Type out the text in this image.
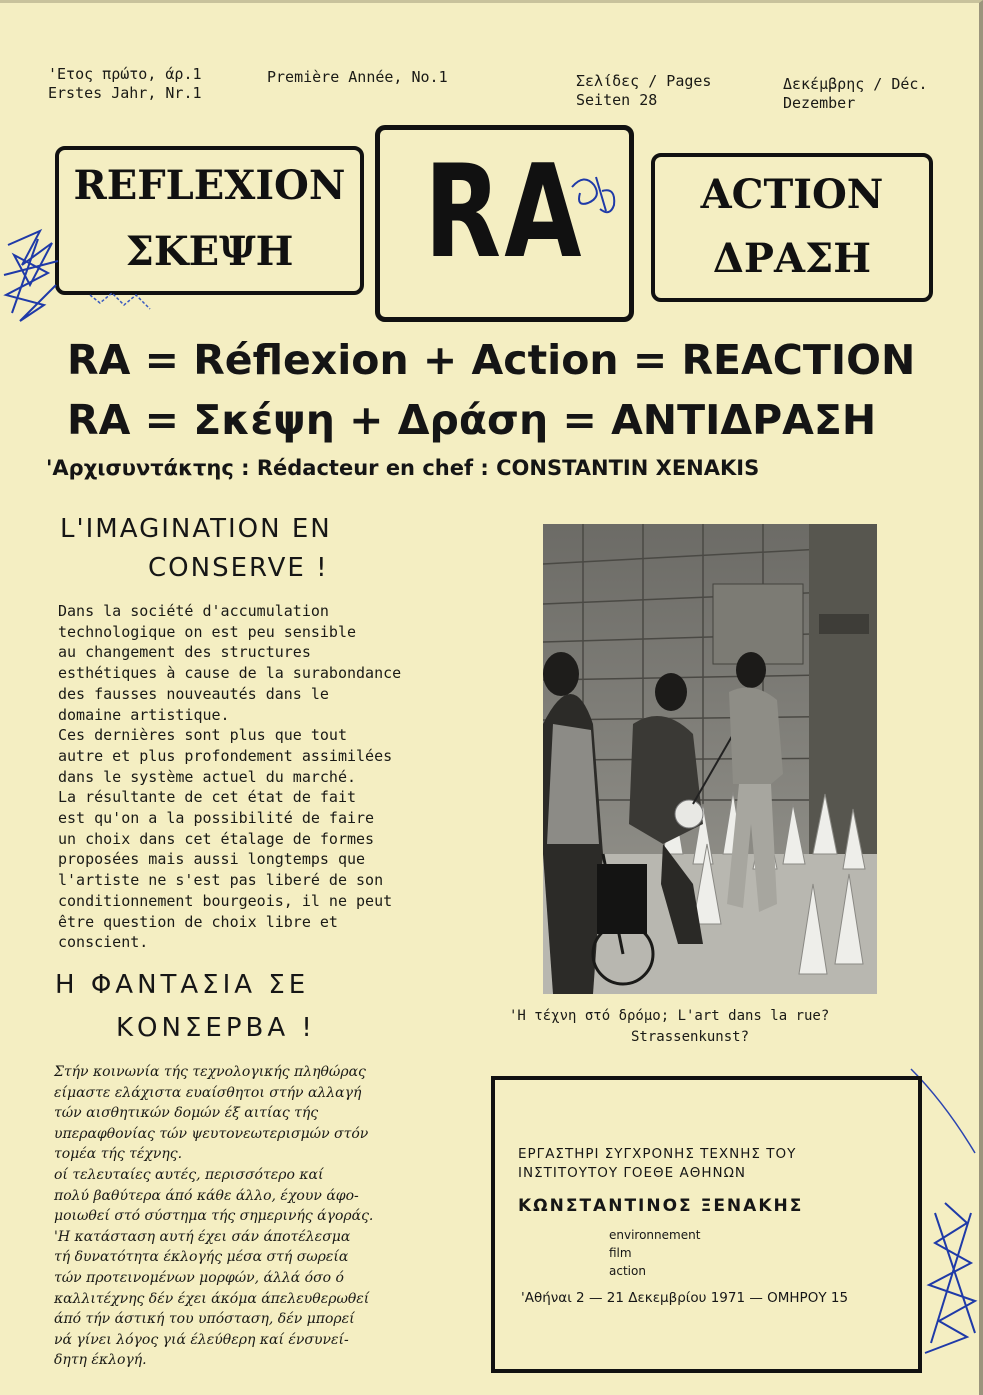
'Ετος πρώτο, άρ.1
Erstes Jahr, Nr.1
Première Année, No.1	Σελίδες / Pages
Seiten 28
Δεκέμβρης / Déc.
Dezember
REFLEXION
ΣΚΕΨΗ	RA	ACTION
ΔΡΑΣΗ
RA = Réflexion + Action = REACTION
RA = Σκέψη + Δράση = ΑΝΤΙΔΡΑΣΗ
'Αρχισυντάκτης : Rédacteur en chef : CONSTANTIN XENAKIS
L'IMAGINATION EN
CONSERVE !
Dans la société d'accumulation
technologique on est peu sensible
au changement des structures
esthétiques à cause de la surabondance
des fausses nouveautés dans le
domaine artistique.
Ces dernières sont plus que tout
autre et plus profondement assimilées
dans le système actuel du marché.
La résultante de cet état de fait
est qu'on a la possibilité de faire
un choix dans cet étalage de formes
proposées mais aussi longtemps que
l'artiste ne s'est pas liberé de son
conditionnement bourgeois, il ne peut
être question de choix libre et
conscient.
Η ΦΑΝΤΑΣΙΑ ΣΕ
ΚΟΝΣΕΡΒΑ !
Στήν κοινωνία τής τεχνολογικής πληθώρας
είμαστε ελάχιστα ευαίσθητοι στήν αλλαγή
τών αισθητικών δομών έξ αιτίας τής
υπεραφθονίας τών ψευτονεωτερισμών στόν
τομέα τής τέχνης.
οί τελευταίες αυτές, περισσότερο καί
πολύ βαθύτερα άπό κάθε άλλο, έχουν άφο-
μοιωθεί στό σύστημα τής σημερινής άγοράς.
'Η κατάσταση αυτή έχει σάν άποτέλεσμα
τή δυνατότητα έκλογής μέσα στή σωρεία
τών προτεινομένων μορφών, άλλά όσο ό
καλλιτέχνης δέν έχει άκόμα άπελευθερωθεί
άπό τήν άστική του υπόσταση, δέν μπορεί
νά γίνει λόγος γιά έλεύθερη καί ένσυνεί-
δητη έκλογή.
'Η τέχνη στό δρόμο; L'art dans la rue?
Strassenkunst?
ΕΡΓΑΣΤΗΡΙ ΣΥΓΧΡΟΝΗΣ ΤΕΧΝΗΣ ΤΟΥ
ΙΝΣΤΙΤΟΥΤΟΥ ΓΟΕΘΕ ΑΘΗΝΩΝ
ΚΩΝΣΤΑΝΤΙΝΟΣ ΞΕΝΑΚΗΣ
environnement
film
action
'Αθήναι 2 — 21 Δεκεμβρίου 1971 — ΟΜΗΡΟΥ 15
